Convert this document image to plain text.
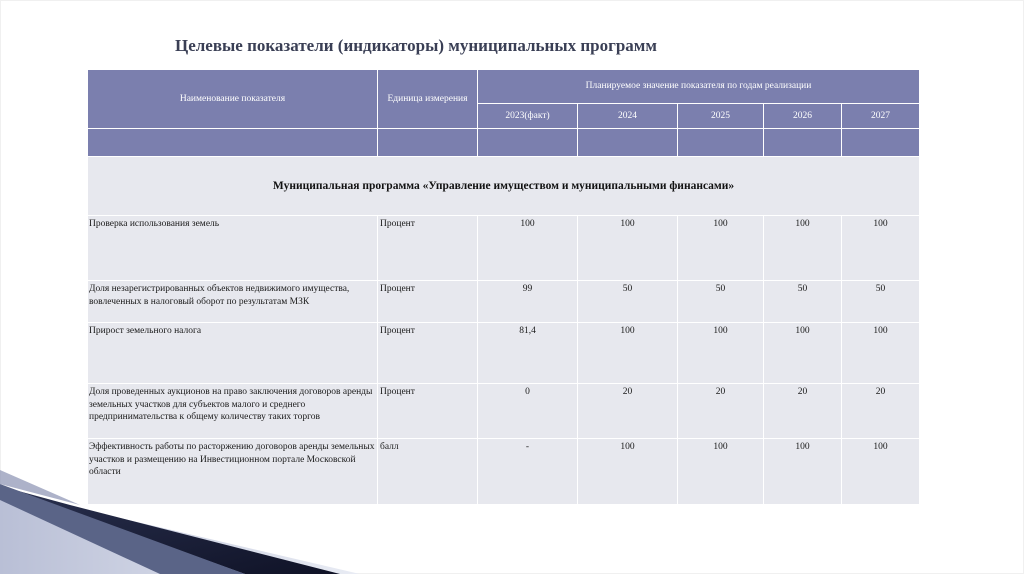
Целевые показатели (индикаторы) муниципальных программ
Наименование показателя	Единица измерения	Планируемое значение показателя по годам реализации				
		2023(факт)	2024	2025	2026	2027

Муниципальная программа «Управление имуществом и муниципальными финансами»						
Проверка использования земель	Процент	100	100	100	100	100
Доля незарегистрированных объектов недвижимого имущества, вовлеченных в налоговый оборот по результатам МЗК	Процент	99	50	50	50	50
Прирост земельного налога	Процент	81,4	100	100	100	100
Доля проведенных аукционов на право заключения договоров аренды земельных участков для субъектов малого и среднего предпринимательства к общему количеству таких торгов	Процент	0	20	20	20	20
Эффективность работы по расторжению договоров аренды земельных участков и размещению на Инвестиционном портале Московской области	балл	-	100	100	100	100
